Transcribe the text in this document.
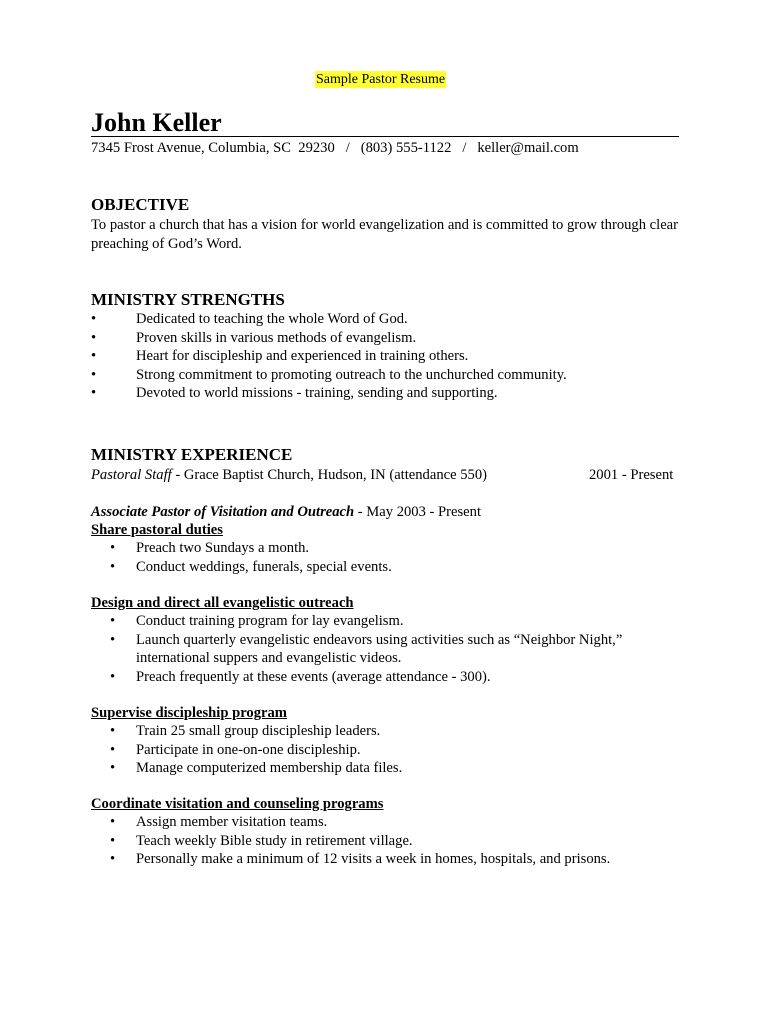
Sample Pastor Resume
John Keller
7345 Frost Avenue, Columbia, SC  29230   /   (803) 555-1122   /   keller@mail.com
OBJECTIVE
To pastor a church that has a vision for world evangelization and is committed to grow through clear preaching of God’s Word.
MINISTRY STRENGTHS
•	Dedicated to teaching the whole Word of God.
•	Proven skills in various methods of evangelism.
•	Heart for discipleship and experienced in training others.
•	Strong commitment to promoting outreach to the unchurched community.
•	Devoted to world missions - training, sending and supporting.
MINISTRY EXPERIENCE
Pastoral Staff - Grace Baptist Church, Hudson, IN (attendance 550)	2001 - Present
Associate Pastor of Visitation and Outreach - May 2003 - Present
Share pastoral duties
• Preach two Sundays a month.
• Conduct weddings, funerals, special events.
Design and direct all evangelistic outreach
• Conduct training program for lay evangelism.
• Launch quarterly evangelistic endeavors using activities such as “Neighbor Night,” international suppers and evangelistic videos.
• Preach frequently at these events (average attendance - 300).
Supervise discipleship program
• Train 25 small group discipleship leaders.
• Participate in one-on-one discipleship.
• Manage computerized membership data files.
Coordinate visitation and counseling programs
• Assign member visitation teams.
• Teach weekly Bible study in retirement village.
• Personally make a minimum of 12 visits a week in homes, hospitals, and prisons.
